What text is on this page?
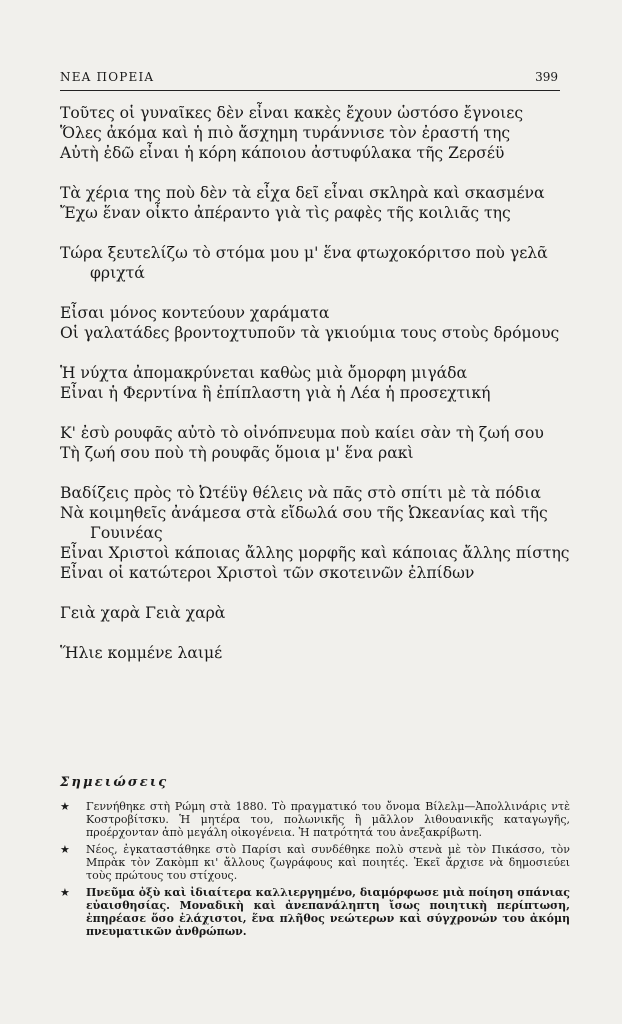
ΝΕΑ ΠΟΡΕΙΑ	399
Τοῦτες οἱ γυναῖκες δὲν εἶναι κακὲς ἔχουν ὡστόσο ἔγνοιες
Ὅλες ἀκόμα καὶ ἡ πιὸ ἄσχημη τυράννισε τὸν ἐραστή της
Αὐτὴ ἐδῶ εἶναι ἡ κόρη κάποιου ἀστυφύλακα τῆς Ζερσέϋ
Τὰ χέρια της ποὺ δὲν τὰ εἶχα δεῖ εἶναι σκληρὰ καὶ σκασμένα
Ἔχω ἕναν οἶκτο ἀπέραντο γιὰ τὶς ραφὲς τῆς κοιλιᾶς της
Τώρα ξευτελίζω τὸ στόμα μου μ' ἕνα φτωχοκόριτσο ποὺ γελᾶ
φριχτά
Εἶσαι μόνος κοντεύουν χαράματα
Οἱ γαλατάδες βροντοχτυποῦν τὰ γκιούμια τους στοὺς δρόμους
Ἡ νύχτα ἀπομακρύνεται καθὼς μιὰ ὄμορφη μιγάδα
Εἶναι ἡ Φερντίνα ἢ ἐπίπλαστη γιὰ ἡ Λέα ἡ προσεχτική
Κ' ἐσὺ ρουφᾶς αὐτὸ τὸ οἰνόπνευμα ποὺ καίει σὰν τὴ ζωή σου
Τὴ ζωή σου ποὺ τὴ ρουφᾶς ὅμοια μ' ἕνα ρακὶ
Βαδίζεις πρὸς τὸ Ὠτέϋγ θέλεις νὰ πᾶς στὸ σπίτι μὲ τὰ πόδια
Νὰ κοιμηθεῖς ἀνάμεσα στὰ εἴδωλά σου τῆς Ὠκεανίας καὶ τῆς
Γουινέας
Εἶναι Χριστοὶ κάποιας ἄλλης μορφῆς καὶ κάποιας ἄλλης πίστης
Εἶναι οἱ κατώτεροι Χριστοὶ τῶν σκοτεινῶν ἐλπίδων
Γειὰ χαρὰ Γειὰ χαρὰ
Ἥλιε κομμένε λαιμέ
Σημειώσεις
★ Γεννήθηκε στὴ Ρώμη στὰ 1880. Τὸ πραγματικό του ὄνομα Βίλελμ—Ἀπολλινάρις ντὲ Κοστροβίτσκυ. Ἡ μητέρα του, πολωνικῆς ἢ μᾶλλον λιθουανικῆς καταγωγῆς, προέρχονταν ἀπὸ μεγάλη οἰκογένεια. Ἡ πατρότητά του ἀνεξακρίβωτη.
★ Νέος, ἐγκαταστάθηκε στὸ Παρίσι καὶ συνδέθηκε πολὺ στενὰ μὲ τὸν Πικάσσο, τὸν Μπρὰκ τὸν Ζακὸμπ κι' ἄλλους ζωγράφους καὶ ποιητές. Ἐκεῖ ἄρχισε νὰ δημοσιεύει τοὺς πρώτους του στίχους.
★ Πνεῦμα ὀξὺ καὶ ἰδιαίτερα καλλιεργημένο, διαμόρφωσε μιὰ ποίηση σπάνιας εὐαισθησίας. Μοναδικὴ καὶ ἀνεπανάληπτη ἴσως ποιητικὴ περίπτωση, ἐπηρέασε ὅσο ἐλάχιστοι, ἕνα πλῆθος νεώτερων καὶ σύγχρονών του ἀκόμη πνευματικῶν ἀνθρώπων.
